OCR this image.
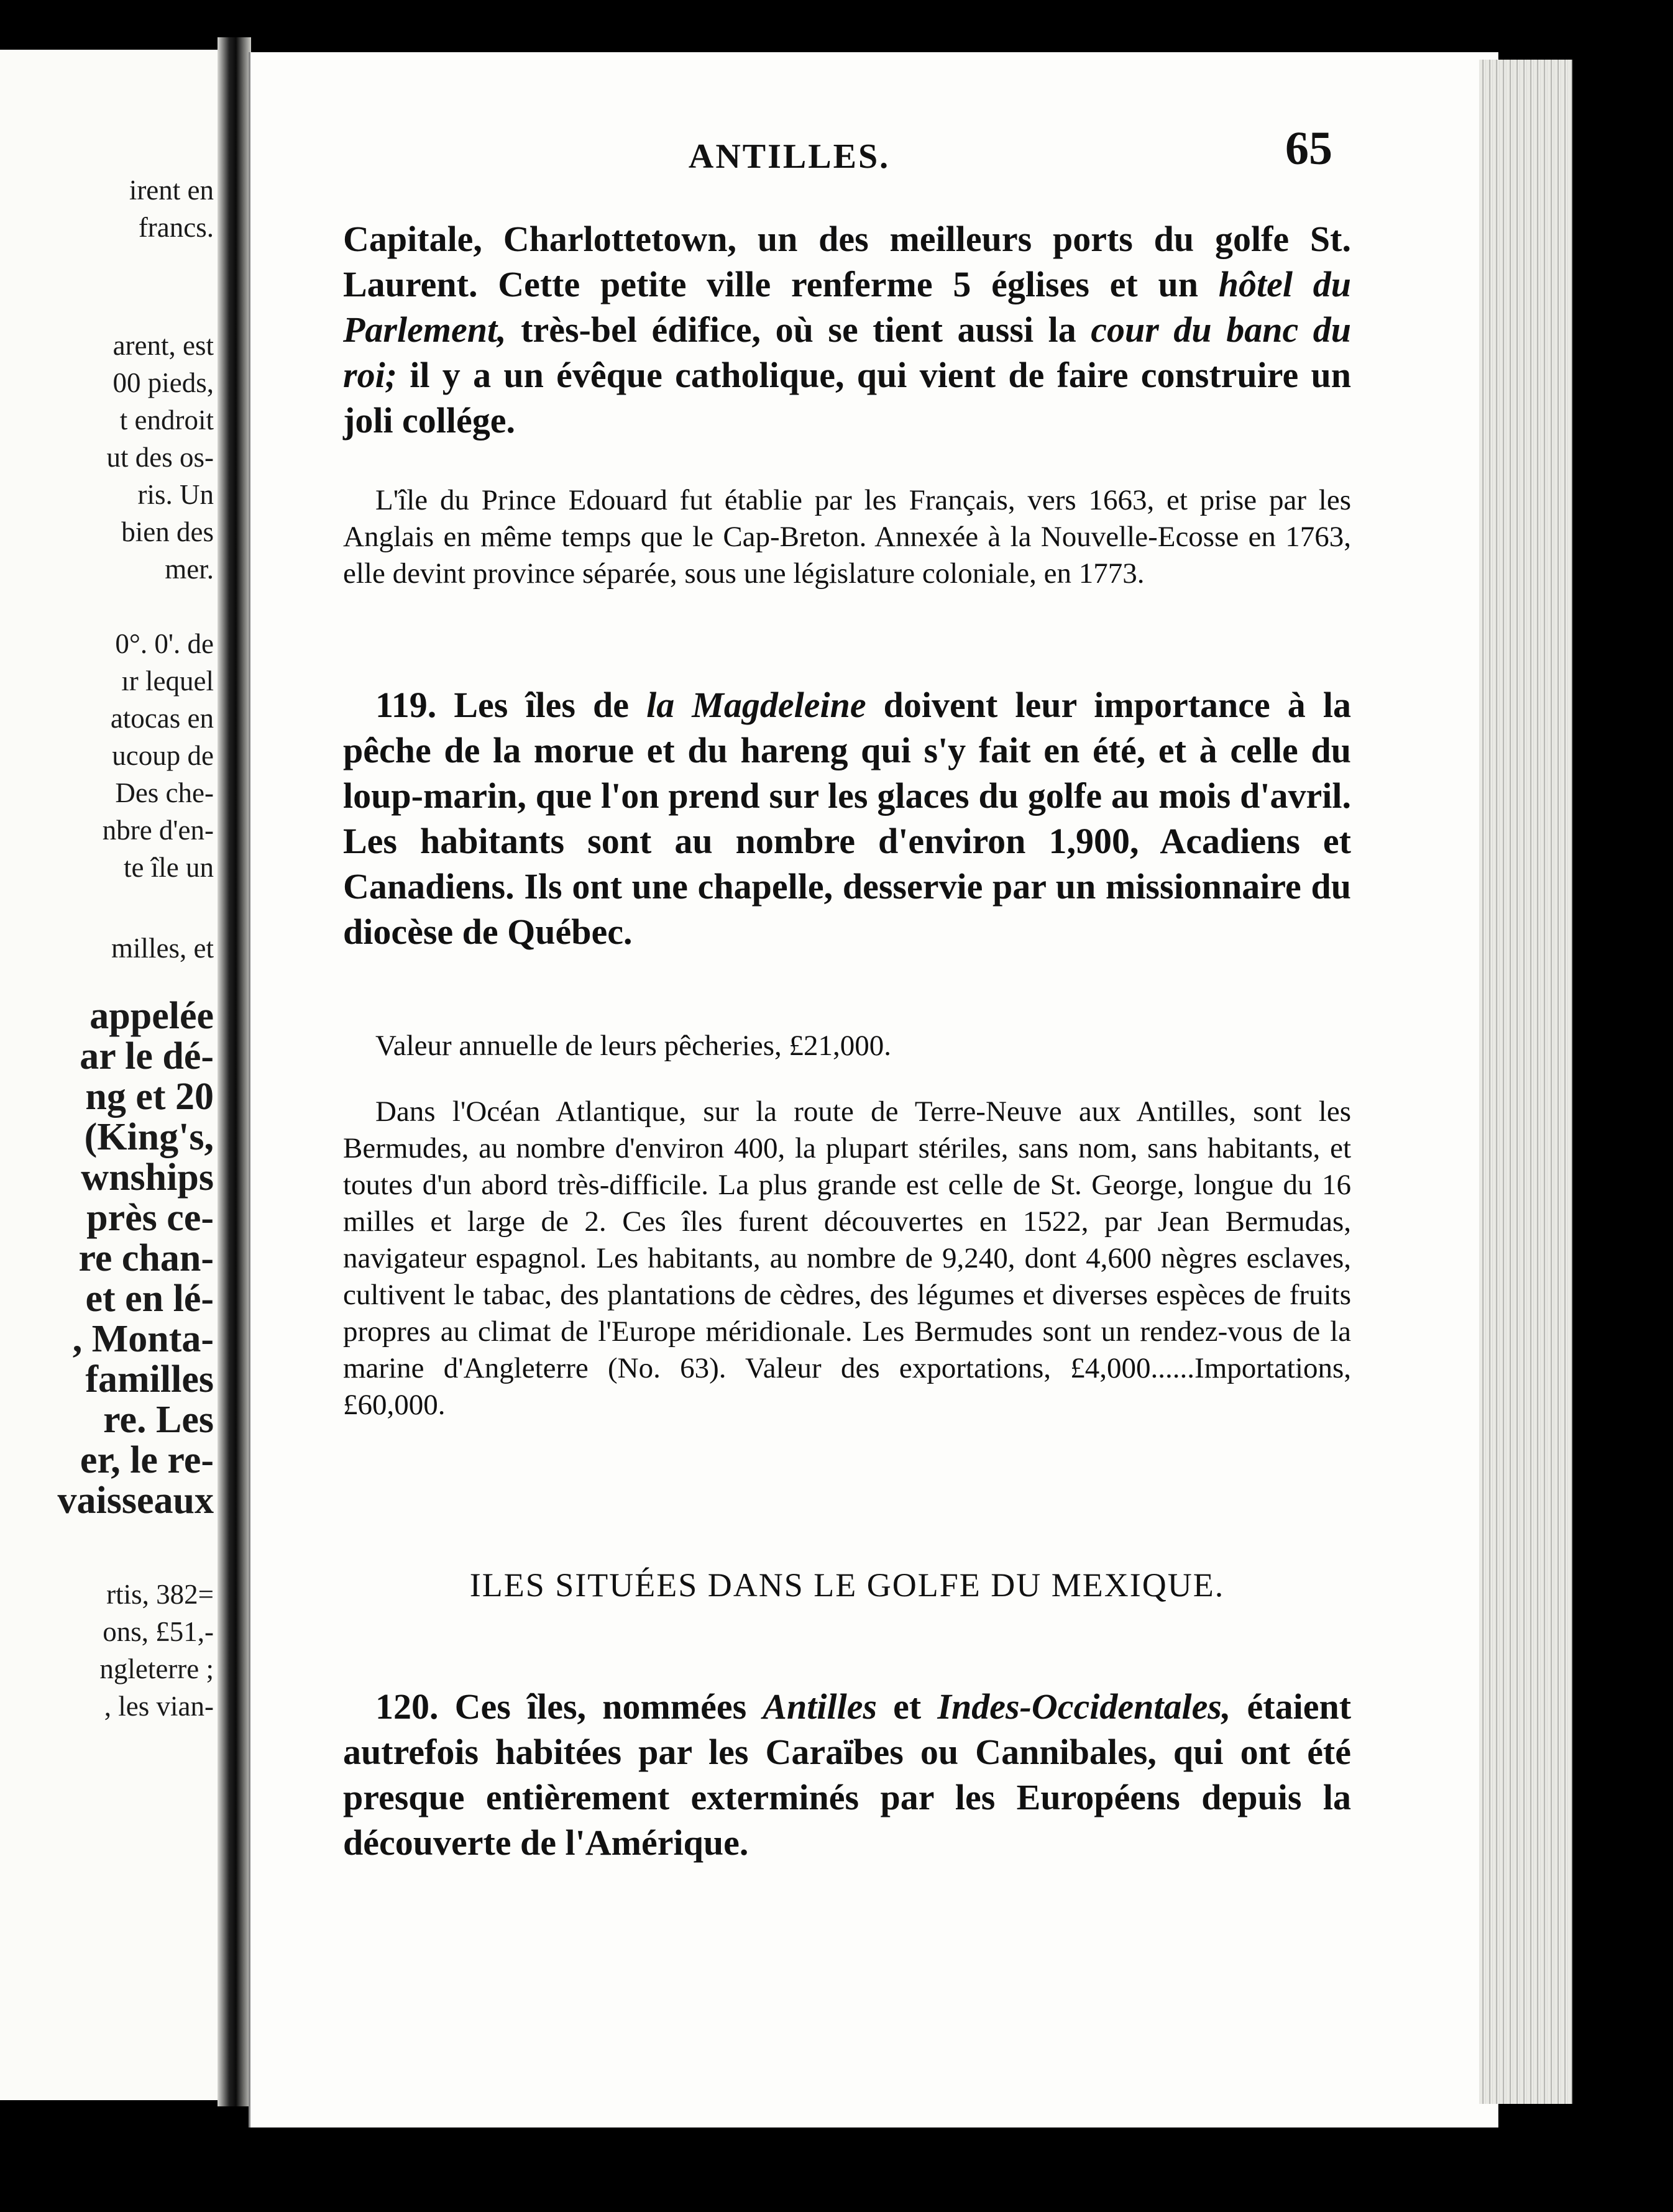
irent en
francs.
arent, est
00 pieds,
t endroit
ut des os-
ris. Un
bien des
mer.
0°. 0'. de
ır lequel
atocas en
ucoup de
Des che-
nbre d'en-
te île un
milles, et
appelée
ar le dé-
ng et 20
(King's,
wnships
près ce-
re chan-
et en lé-
, Monta-
familles
re. Les
er, le re-
vaisseaux
rtis, 382=
ons, £51,-
ngleterre ;
, les vian-
ANTILLES.	65

Capitale, Charlottetown, un des meilleurs ports du golfe St. Laurent. Cette petite ville renferme 5 églises et un hôtel du Parlement, très-bel édifice, où se tient aussi la cour du banc du roi; il y a un évêque catholique, qui vient de faire construire un joli collége.

L'île du Prince Edouard fut établie par les Français, vers 1663, et prise par les Anglais en même temps que le Cap-Breton. Annexée à la Nouvelle-Ecosse en 1763, elle devint province séparée, sous une législature coloniale, en 1773.

119. Les îles de la Magdeleine doivent leur importance à la pêche de la morue et du hareng qui s'y fait en été, et à celle du loup-marin, que l'on prend sur les glaces du golfe au mois d'avril. Les habitants sont au nombre d'environ 1,900, Acadiens et Canadiens. Ils ont une chapelle, desservie par un missionnaire du diocèse de Québec.

Valeur annuelle de leurs pêcheries, £21,000.

Dans l'Océan Atlantique, sur la route de Terre-Neuve aux Antilles, sont les Bermudes, au nombre d'environ 400, la plupart stériles, sans nom, sans habitants, et toutes d'un abord très-difficile. La plus grande est celle de St. George, longue du 16 milles et large de 2. Ces îles furent découvertes en 1522, par Jean Bermudas, navigateur espagnol. Les habitants, au nombre de 9,240, dont 4,600 nègres esclaves, cultivent le tabac, des plantations de cèdres, des légumes et diverses espèces de fruits propres au climat de l'Europe méridionale. Les Bermudes sont un rendez-vous de la marine d'Angleterre (No. 63). Valeur des exportations, £4,000......Importations, £60,000.

ILES SITUÉES DANS LE GOLFE DU MEXIQUE.

120. Ces îles, nommées Antilles et Indes-Occidentales, étaient autrefois habitées par les Caraïbes ou Cannibales, qui ont été presque entièrement exterminés par les Européens depuis la découverte de l'Amérique.
